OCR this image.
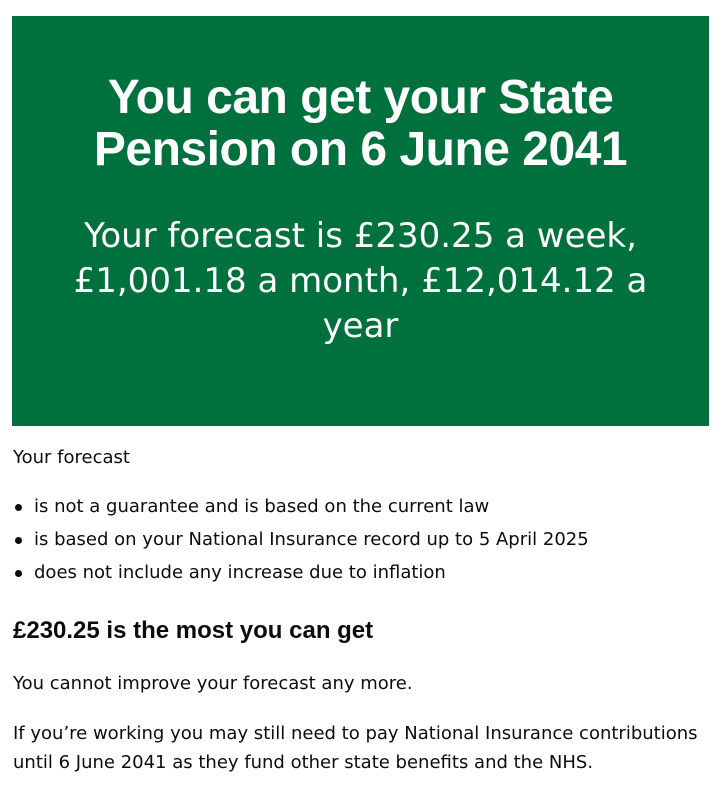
You can get your State Pension on 6 June 2041

Your forecast is £230.25 a week, £1,001.18 a month, £12,014.12 a year

Your forecast

is not a guarantee and is based on the current law
is based on your National Insurance record up to 5 April 2025
does not include any increase due to inflation
£230.25 is the most you can get

You cannot improve your forecast any more.

If you’re working you may still need to pay National Insurance contributions until 6 June 2041 as they fund other state benefits and the NHS.
